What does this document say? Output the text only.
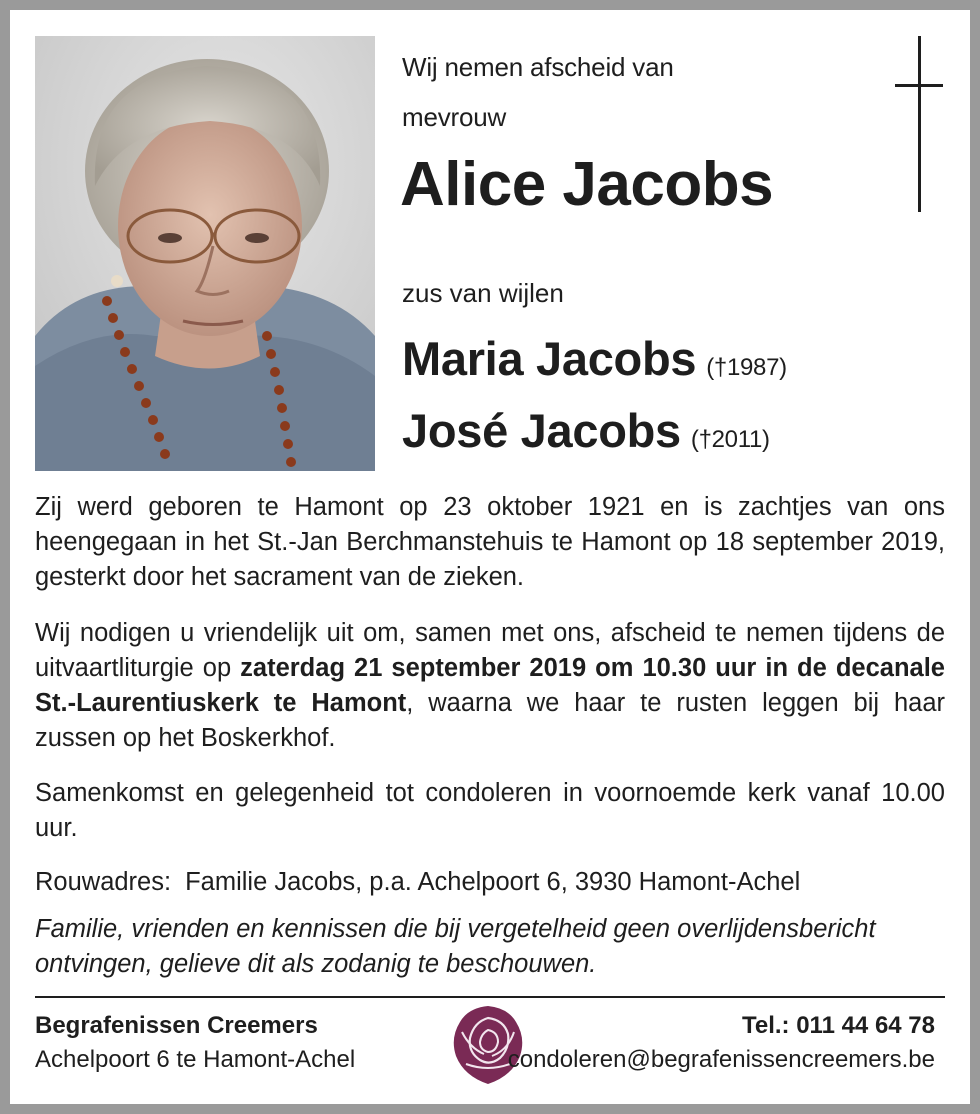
Wij nemen afscheid van
mevrouw
Alice Jacobs
zus van wijlen
Maria Jacobs (†1987)
José Jacobs (†2011)

Zij werd geboren te Hamont op 23 oktober 1921 en is zachtjes van ons heengegaan in het St.-Jan Berchmanstehuis te Hamont op 18 september 2019, gesterkt door het sacrament van de zieken.

Wij nodigen u vriendelijk uit om, samen met ons, afscheid te nemen tijdens de uitvaartliturgie op zaterdag 21 september 2019 om 10.30 uur in de decanale St.-Laurentiuskerk te Hamont, waarna we haar te rusten leggen bij haar zussen op het Boskerkhof.

Samenkomst en gelegenheid tot condoleren in voornoemde kerk vanaf 10.00 uur.

Rouwadres: Familie Jacobs, p.a. Achelpoort 6, 3930 Hamont-Achel

Familie, vrienden en kennissen die bij vergetelheid geen overlijdensbericht ontvingen, gelieve dit als zodanig te beschouwen.

Begrafenissen Creemers
Achelpoort 6 te Hamont-Achel
Tel.: 011 44 64 78
condoleren@begrafenissencreemers.be
